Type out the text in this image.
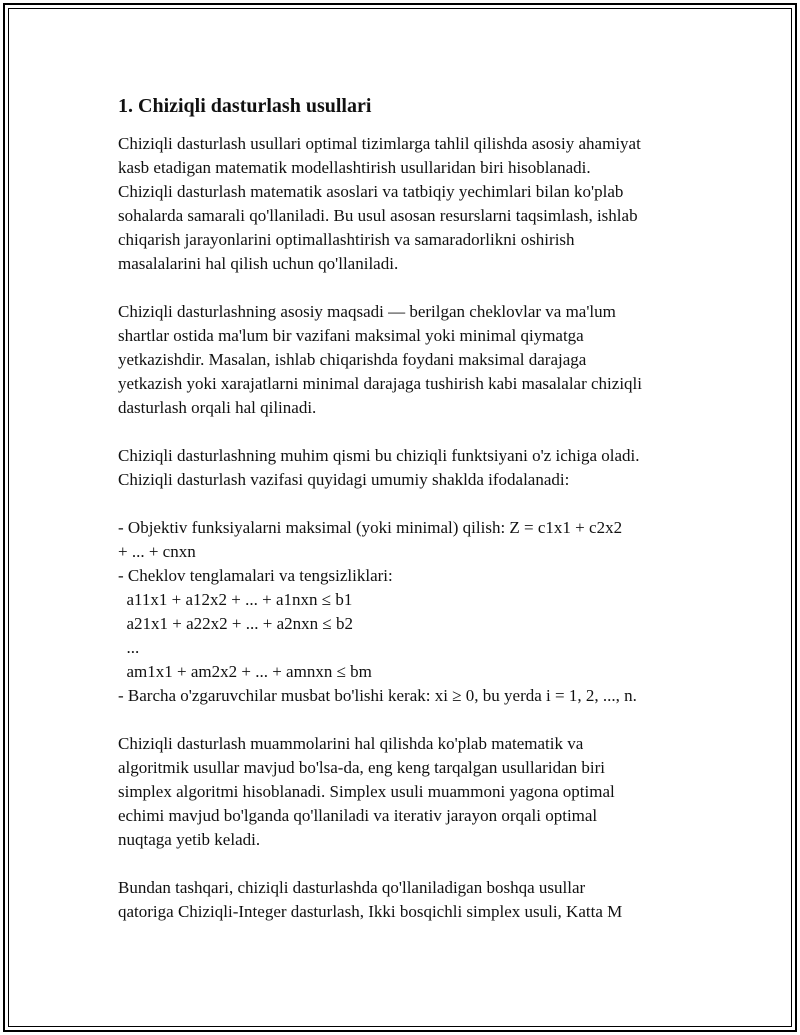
1. Chiziqli dasturlash usullari

Chiziqli dasturlash usullari optimal tizimlarga tahlil qilishda asosiy ahamiyat
kasb etadigan matematik modellashtirish usullaridan biri hisoblanadi.
Chiziqli dasturlash matematik asoslari va tatbiqiy yechimlari bilan ko'plab
sohalarda samarali qo'llaniladi. Bu usul asosan resurslarni taqsimlash, ishlab
chiqarish jarayonlarini optimallashtirish va samaradorlikni oshirish
masalalarini hal qilish uchun qo'llaniladi.

Chiziqli dasturlashning asosiy maqsadi — berilgan cheklovlar va ma'lum
shartlar ostida ma'lum bir vazifani maksimal yoki minimal qiymatga
yetkazishdir. Masalan, ishlab chiqarishda foydani maksimal darajaga
yetkazish yoki xarajatlarni minimal darajaga tushirish kabi masalalar chiziqli
dasturlash orqali hal qilinadi.

Chiziqli dasturlashning muhim qismi bu chiziqli funktsiyani o'z ichiga oladi.
Chiziqli dasturlash vazifasi quyidagi umumiy shaklda ifodalanadi:

- Objektiv funksiyalarni maksimal (yoki minimal) qilish: Z = c1x1 + c2x2
+ ... + cnxn
- Cheklov tenglamalari va tengsizliklari:
a11x1 + a12x2 + ... + a1nxn ≤ b1
a21x1 + a22x2 + ... + a2nxn ≤ b2
...
am1x1 + am2x2 + ... + amnxn ≤ bm
- Barcha o'zgaruvchilar musbat bo'lishi kerak: xi ≥ 0, bu yerda i = 1, 2, ..., n.

Chiziqli dasturlash muammolarini hal qilishda ko'plab matematik va
algoritmik usullar mavjud bo'lsa-da, eng keng tarqalgan usullaridan biri
simplex algoritmi hisoblanadi. Simplex usuli muammoni yagona optimal
echimi mavjud bo'lganda qo'llaniladi va iterativ jarayon orqali optimal
nuqtaga yetib keladi.

Bundan tashqari, chiziqli dasturlashda qo'llaniladigan boshqa usullar
qatoriga Chiziqli-Integer dasturlash, Ikki bosqichli simplex usuli, Katta M
